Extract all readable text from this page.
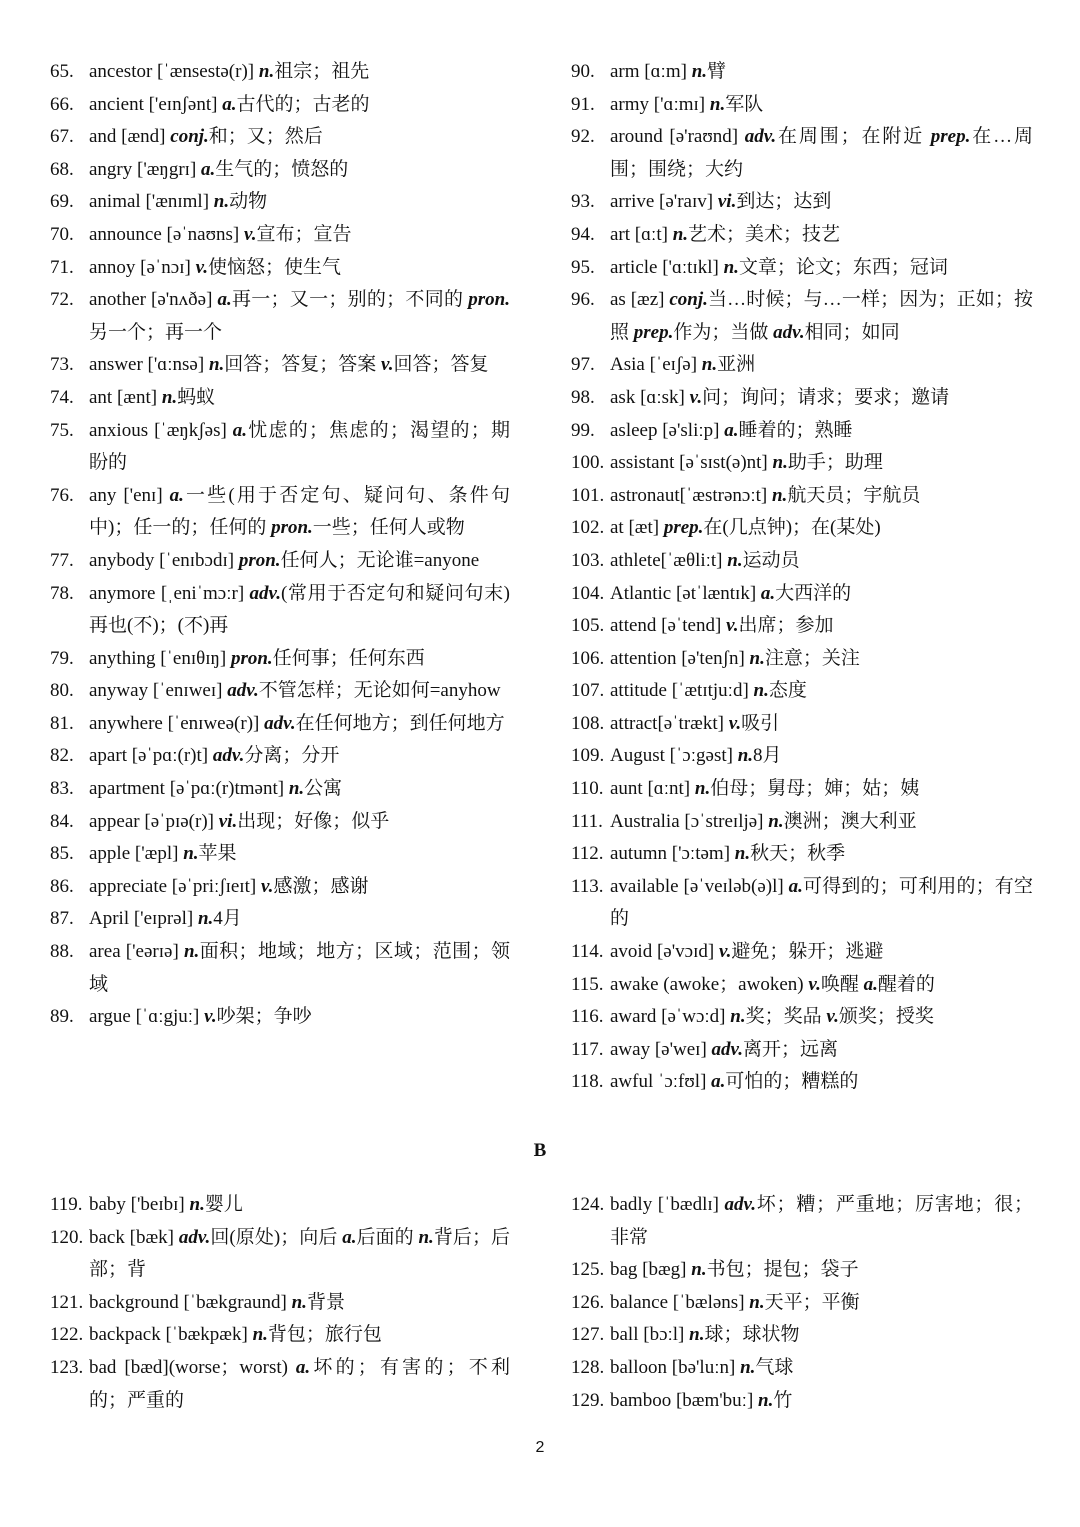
65. ancestor [ˈænsestə(r)] n.祖宗；祖先
66. ancient ['eɪnʃənt] a.古代的；古老的
67. and [ænd] conj.和；又；然后
68. angry ['æŋgrɪ] a.生气的；愤怒的
69. animal ['ænɪml] n.动物
70. announce [əˈnaʊns] v.宣布；宣告
71. annoy [əˈnɔɪ] v.使恼怒；使生气
72. another [ə'nʌðə] a.再一；又一；别的；不同的 pron.另一个；再一个
73. answer ['ɑːnsə] n.回答；答复；答案 v.回答；答复
74. ant [ænt] n.蚂蚁
75. anxious [ˈæŋkʃəs] a.忧虑的；焦虑的；渴望的；期盼的
76. any ['enɪ] a.一些(用于否定句、疑问句、条件句中)；任一的；任何的 pron.一些；任何人或物
77. anybody [ˈenɪbɔdɪ] pron.任何人；无论谁=anyone
78. anymore [ˌeniˈmɔːr] adv.(常用于否定句和疑问句末)再也(不)；(不)再
79. anything [ˈenɪθɪŋ] pron.任何事；任何东西
80. anyway [ˈenɪweɪ] adv.不管怎样；无论如何=anyhow
81. anywhere [ˈenɪweə(r)] adv.在任何地方；到任何地方
82. apart [əˈpɑː(r)t] adv.分离；分开
83. apartment [əˈpɑː(r)tmənt] n.公寓
84. appear [əˈpɪə(r)] vi.出现；好像；似乎
85. apple ['æpl] n.苹果
86. appreciate [əˈpriːʃɪeɪt] v.感激；感谢
87. April ['eɪprəl] n.4月
88. area ['eərɪə] n.面积；地域；地方；区域；范围；领域
89. argue [ˈɑːgjuː] v.吵架；争吵
90. arm [ɑːm] n.臂
91. army ['ɑːmɪ] n.军队
92. around [ə'raʊnd] adv.在周围；在附近 prep.在…周围；围绕；大约
93. arrive [ə'raɪv] vi.到达；达到
94. art [ɑːt] n.艺术；美术；技艺
95. article ['ɑːtɪkl] n.文章；论文；东西；冠词
96. as [æz] conj.当…时候；与…一样；因为；正如；按照 prep.作为；当做 adv.相同；如同
97. Asia [ˈeɪʃə] n.亚洲
98. ask [ɑːsk] v.问；询问；请求；要求；邀请
99. asleep [ə'sliːp] a.睡着的；熟睡
100. assistant [əˈsɪst(ə)nt] n.助手；助理
101. astronaut[ˈæstrənɔːt] n.航天员；宇航员
102. at [æt] prep.在(几点钟)；在(某处)
103. athlete[ˈæθliːt] n.运动员
104. Atlantic [ətˈlæntɪk] a.大西洋的
105. attend [əˈtend] v.出席；参加
106. attention [ə'tenʃn] n.注意；关注
107. attitude [ˈætɪtjuːd] n.态度
108. attract[əˈtrækt] v.吸引
109. August [ˈɔːgəst] n.8月
110. aunt [ɑːnt] n.伯母；舅母；婶；姑；姨
111. Australia [ɔˈstreɪljə] n.澳洲；澳大利亚
112. autumn ['ɔːtəm] n.秋天；秋季
113. available [əˈveɪləb(ə)l] a.可得到的；可利用的；有空的
114. avoid [ə'vɔɪd] v.避免；躲开；逃避
115. awake (awoke；awoken) v.唤醒 a.醒着的
116. award [əˈwɔːd] n.奖；奖品 v.颁奖；授奖
117. away [ə'weɪ] adv.离开；远离
118. awful ˈɔːfʊl] a.可怕的；糟糕的
B
119. baby ['beɪbɪ] n.婴儿
120. back [bæk] adv.回(原处)；向后 a.后面的 n.背后；后部；背
121. background [ˈbækgraund] n.背景
122. backpack [ˈbækpæk] n.背包；旅行包
123. bad [bæd](worse；worst) a.坏的；有害的；不利的；严重的
124. badly [ˈbædlɪ] adv.坏；糟；严重地；厉害地；很；非常
125. bag [bæg] n.书包；提包；袋子
126. balance [ˈbæləns] n.天平；平衡
127. ball [bɔːl] n.球；球状物
128. balloon [bə'luːn] n.气球
129. bamboo [bæm'buː] n.竹
2
